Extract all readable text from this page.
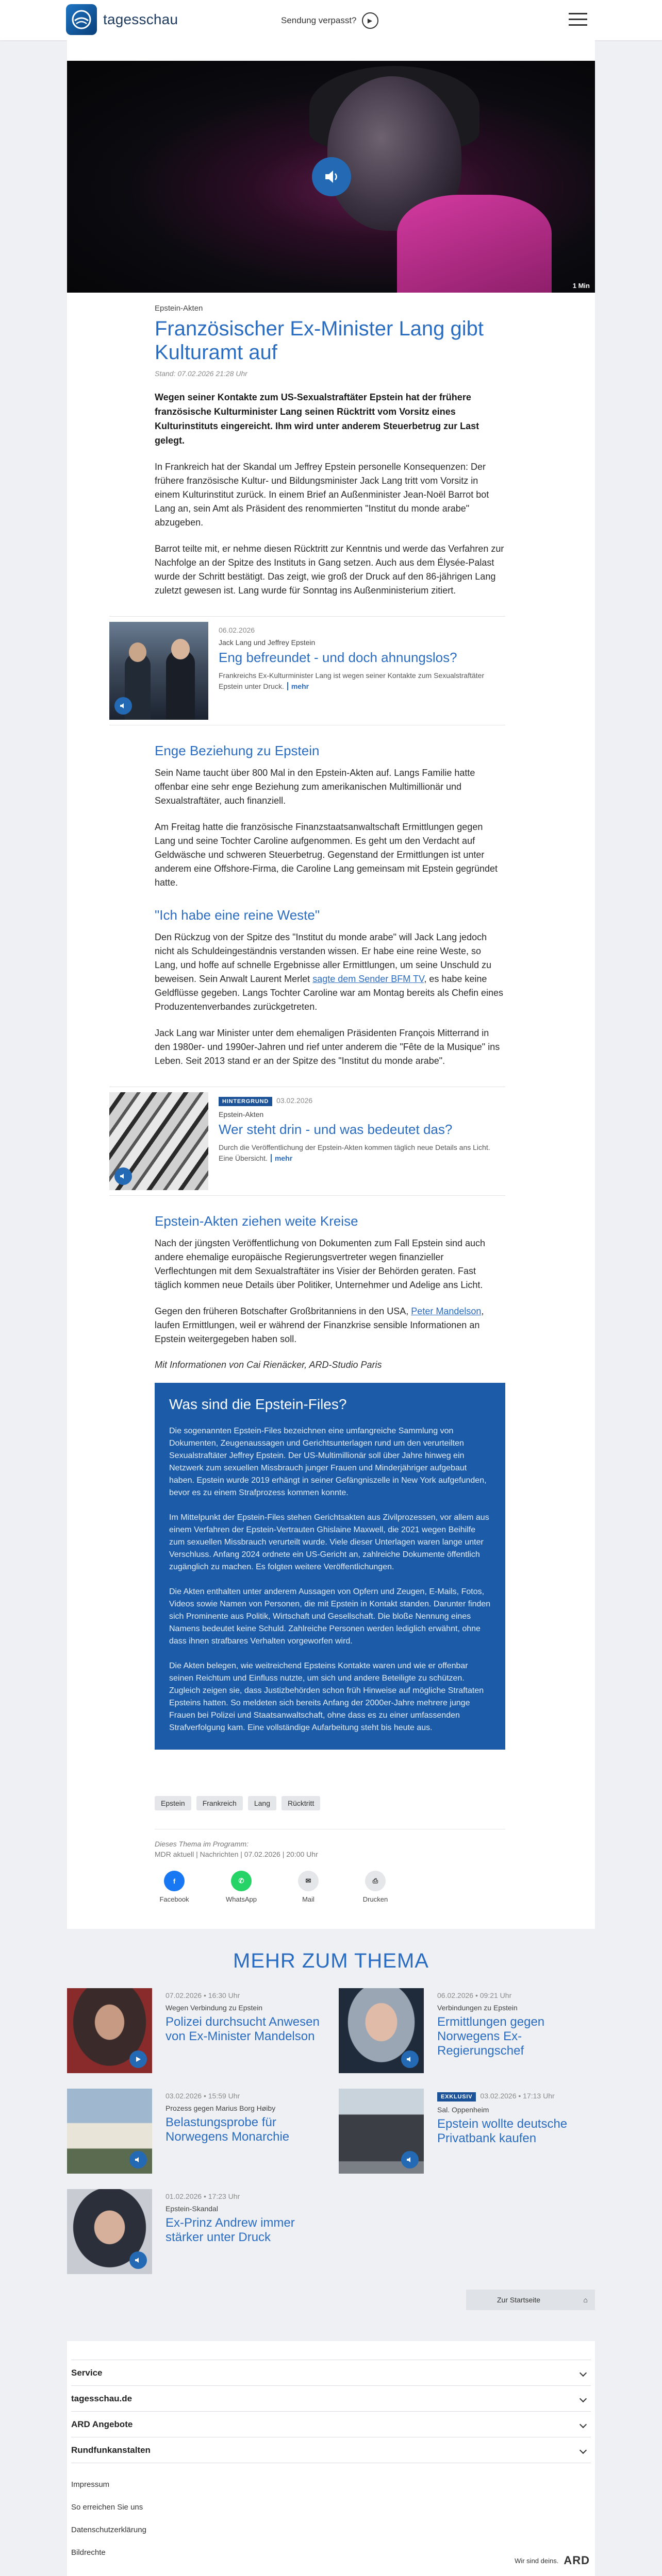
tagesschau	Sendung verpasst?	▶
1 Min
Epstein-Akten
Französischer Ex-Minister Lang gibt Kulturamt auf
Stand: 07.02.2026 21:28 Uhr

Wegen seiner Kontakte zum US-Sexualstraftäter Epstein hat der frühere französische Kulturminister Lang seinen Rücktritt vom Vorsitz eines Kulturinstituts eingereicht. Ihm wird unter anderem Steuerbetrug zur Last gelegt.

In Frankreich hat der Skandal um Jeffrey Epstein personelle Konsequenzen: Der frühere französische Kultur- und Bildungsminister Jack Lang tritt vom Vorsitz in einem Kulturinstitut zurück. In einem Brief an Außenminister Jean-Noël Barrot bot Lang an, sein Amt als Präsident des renommierten "Institut du monde arabe" abzugeben.

Barrot teilte mit, er nehme diesen Rücktritt zur Kenntnis und werde das Verfahren zur Nachfolge an der Spitze des Instituts in Gang setzen. Auch aus dem Élysée-Palast wurde der Schritt bestätigt. Das zeigt, wie groß der Druck auf den 86-jährigen Lang zuletzt gewesen ist. Lang wurde für Sonntag ins Außenministerium zitiert.

06.02.2026
Jack Lang und Jeffrey Epstein
Eng befreundet - und doch ahnungslos?
Frankreichs Ex-Kulturminister Lang ist wegen seiner Kontakte zum Sexualstraftäter Epstein unter Druck. mehr
Enge Beziehung zu Epstein

Sein Name taucht über 800 Mal in den Epstein-Akten auf. Langs Familie hatte offenbar eine sehr enge Beziehung zum amerikanischen Multimillionär und Sexualstraftäter, auch finanziell.

Am Freitag hatte die französische Finanzstaatsanwaltschaft Ermittlungen gegen Lang und seine Tochter Caroline aufgenommen. Es geht um den Verdacht auf Geldwäsche und schweren Steuerbetrug. Gegenstand der Ermittlungen ist unter anderem eine Offshore-Firma, die Caroline Lang gemeinsam mit Epstein gegründet hatte.

"Ich habe eine reine Weste"

Den Rückzug von der Spitze des "Institut du monde arabe" will Jack Lang jedoch nicht als Schuldeingeständnis verstanden wissen. Er habe eine reine Weste, so Lang, und hoffe auf schnelle Ergebnisse aller Ermittlungen, um seine Unschuld zu beweisen. Sein Anwalt Laurent Merlet sagte dem Sender BFM TV, es habe keine Geldflüsse gegeben. Langs Tochter Caroline war am Montag bereits als Chefin eines Produzentenverbandes zurückgetreten.

Jack Lang war Minister unter dem ehemaligen Präsidenten François Mitterrand in den 1980er- und 1990er-Jahren und rief unter anderem die "Fête de la Musique" ins Leben. Seit 2013 stand er an der Spitze des "Institut du monde arabe".

HINTERGRUND 03.02.2026
Epstein-Akten
Wer steht drin - und was bedeutet das?
Durch die Veröffentlichung der Epstein-Akten kommen täglich neue Details ans Licht. Eine Übersicht. mehr
Epstein-Akten ziehen weite Kreise

Nach der jüngsten Veröffentlichung von Dokumenten zum Fall Epstein sind auch andere ehemalige europäische Regierungsvertreter wegen finanzieller Verflechtungen mit dem Sexualstraftäter ins Visier der Behörden geraten. Fast täglich kommen neue Details über Politiker, Unternehmer und Adelige ans Licht.

Gegen den früheren Botschafter Großbritanniens in den USA, Peter Mandelson, laufen Ermittlungen, weil er während der Finanzkrise sensible Informationen an Epstein weitergegeben haben soll.

Mit Informationen von Cai Rienäcker, ARD-Studio Paris

Was sind die Epstein-Files?

Die sogenannten Epstein-Files bezeichnen eine umfangreiche Sammlung von Dokumenten, Zeugenaussagen und Gerichtsunterlagen rund um den verurteilten Sexualstraftäter Jeffrey Epstein. Der US-Multimillionär soll über Jahre hinweg ein Netzwerk zum sexuellen Missbrauch junger Frauen und Minderjähriger aufgebaut haben. Epstein wurde 2019 erhängt in seiner Gefängniszelle in New York aufgefunden, bevor es zu einem Strafprozess kommen konnte.

Im Mittelpunkt der Epstein-Files stehen Gerichtsakten aus Zivilprozessen, vor allem aus einem Verfahren der Epstein-Vertrauten Ghislaine Maxwell, die 2021 wegen Beihilfe zum sexuellen Missbrauch verurteilt wurde. Viele dieser Unterlagen waren lange unter Verschluss. Anfang 2024 ordnete ein US-Gericht an, zahlreiche Dokumente öffentlich zugänglich zu machen. Es folgten weitere Veröffentlichungen.

Die Akten enthalten unter anderem Aussagen von Opfern und Zeugen, E-Mails, Fotos, Videos sowie Namen von Personen, die mit Epstein in Kontakt standen. Darunter finden sich Prominente aus Politik, Wirtschaft und Gesellschaft. Die bloße Nennung eines Namens bedeutet keine Schuld. Zahlreiche Personen werden lediglich erwähnt, ohne dass ihnen strafbares Verhalten vorgeworfen wird.

Die Akten belegen, wie weitreichend Epsteins Kontakte waren und wie er offenbar seinen Reichtum und Einfluss nutzte, um sich und andere Beteiligte zu schützen. Zugleich zeigen sie, dass Justizbehörden schon früh Hinweise auf mögliche Straftaten Epsteins hatten. So meldeten sich bereits Anfang der 2000er-Jahre mehrere junge Frauen bei Polizei und Staatsanwaltschaft, ohne dass es zu einer umfassenden Strafverfolgung kam. Eine vollständige Aufarbeitung steht bis heute aus.

Epstein	Frankreich	Lang	Rücktritt
Dieses Thema im Programm:
MDR aktuell | Nachrichten | 07.02.2026 | 20:00 Uhr
f
Facebook
✆
WhatsApp
✉
Mail
⎙
Drucken
MEHR ZUM THEMA
07.02.2026 • 16:30 Uhr
Wegen Verbindung zu Epstein
Polizei durchsucht Anwesen von Ex-Minister Mandelson
06.02.2026 • 09:21 Uhr
Verbindungen zu Epstein
Ermittlungen gegen Norwegens Ex-Regierungschef
03.02.2026 • 15:59 Uhr
Prozess gegen Marius Borg Høiby
Belastungsprobe für Norwegens Monarchie
EXKLUSIV 03.02.2026 • 17:13 Uhr
Sal. Oppenheim
Epstein wollte deutsche Privatbank kaufen
01.02.2026 • 17:23 Uhr
Epstein-Skandal
Ex-Prinz Andrew immer stärker unter Druck
Zur Startseite	⌂
Service
tagesschau.de
ARD Angebote
Rundfunkanstalten
Impressum
So erreichen Sie uns
Datenschutzerklärung
Bildrechte
Wir sind deins. ARD
